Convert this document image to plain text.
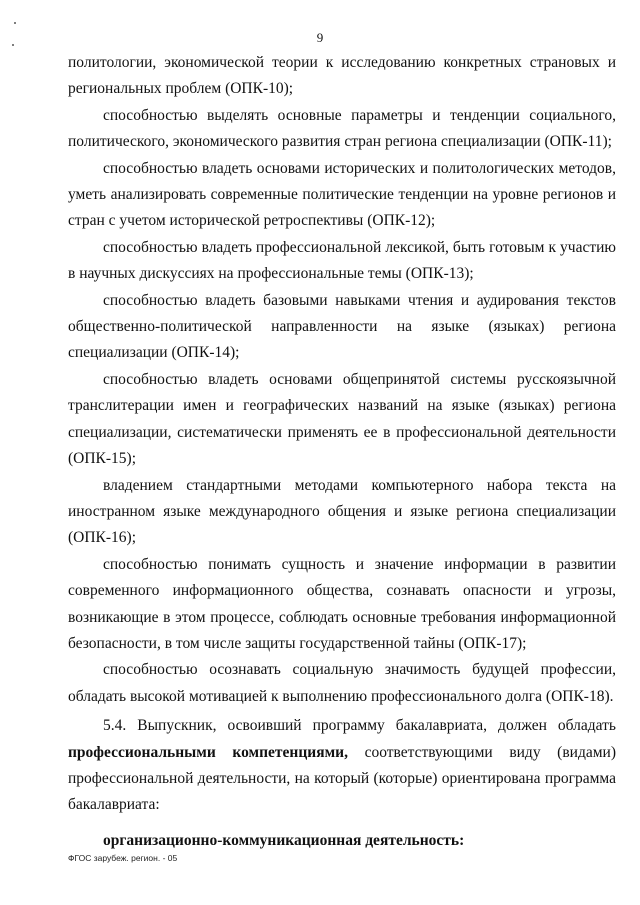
9

политологии, экономической теории к исследованию конкретных страновых и региональных проблем (ОПК-10);

способностью выделять основные параметры и тенденции социального, политического, экономического развития стран региона специализации (ОПК-11);

способностью владеть основами исторических и политологических методов, уметь анализировать современные политические тенденции на уровне регионов и стран с учетом исторической ретроспективы (ОПК-12);

способностью владеть профессиональной лексикой, быть готовым к участию в научных дискуссиях на профессиональные темы (ОПК-13);

способностью владеть базовыми навыками чтения и аудирования текстов общественно-политической направленности на языке (языках) региона специализации (ОПК-14);

способностью владеть основами общепринятой системы русскоязычной транслитерации имен и географических названий на языке (языках) региона специализации, систематически применять ее в профессиональной деятельности (ОПК-15);

владением стандартными методами компьютерного набора текста на иностранном языке международного общения и языке региона специализации (ОПК-16);

способностью понимать сущность и значение информации в развитии современного информационного общества, сознавать опасности и угрозы, возникающие в этом процессе, соблюдать основные требования информационной безопасности, в том числе защиты государственной тайны (ОПК-17);

способностью осознавать социальную значимость будущей профессии, обладать высокой мотивацией к выполнению профессионального долга (ОПК-18).

5.4. Выпускник, освоивший программу бакалавриата, должен обладать профессиональными компетенциями, соответствующими виду (видами) профессиональной деятельности, на который (которые) ориентирована программа бакалавриата:

организационно-коммуникационная деятельность:

ФГОС зарубеж. регион. - 05
